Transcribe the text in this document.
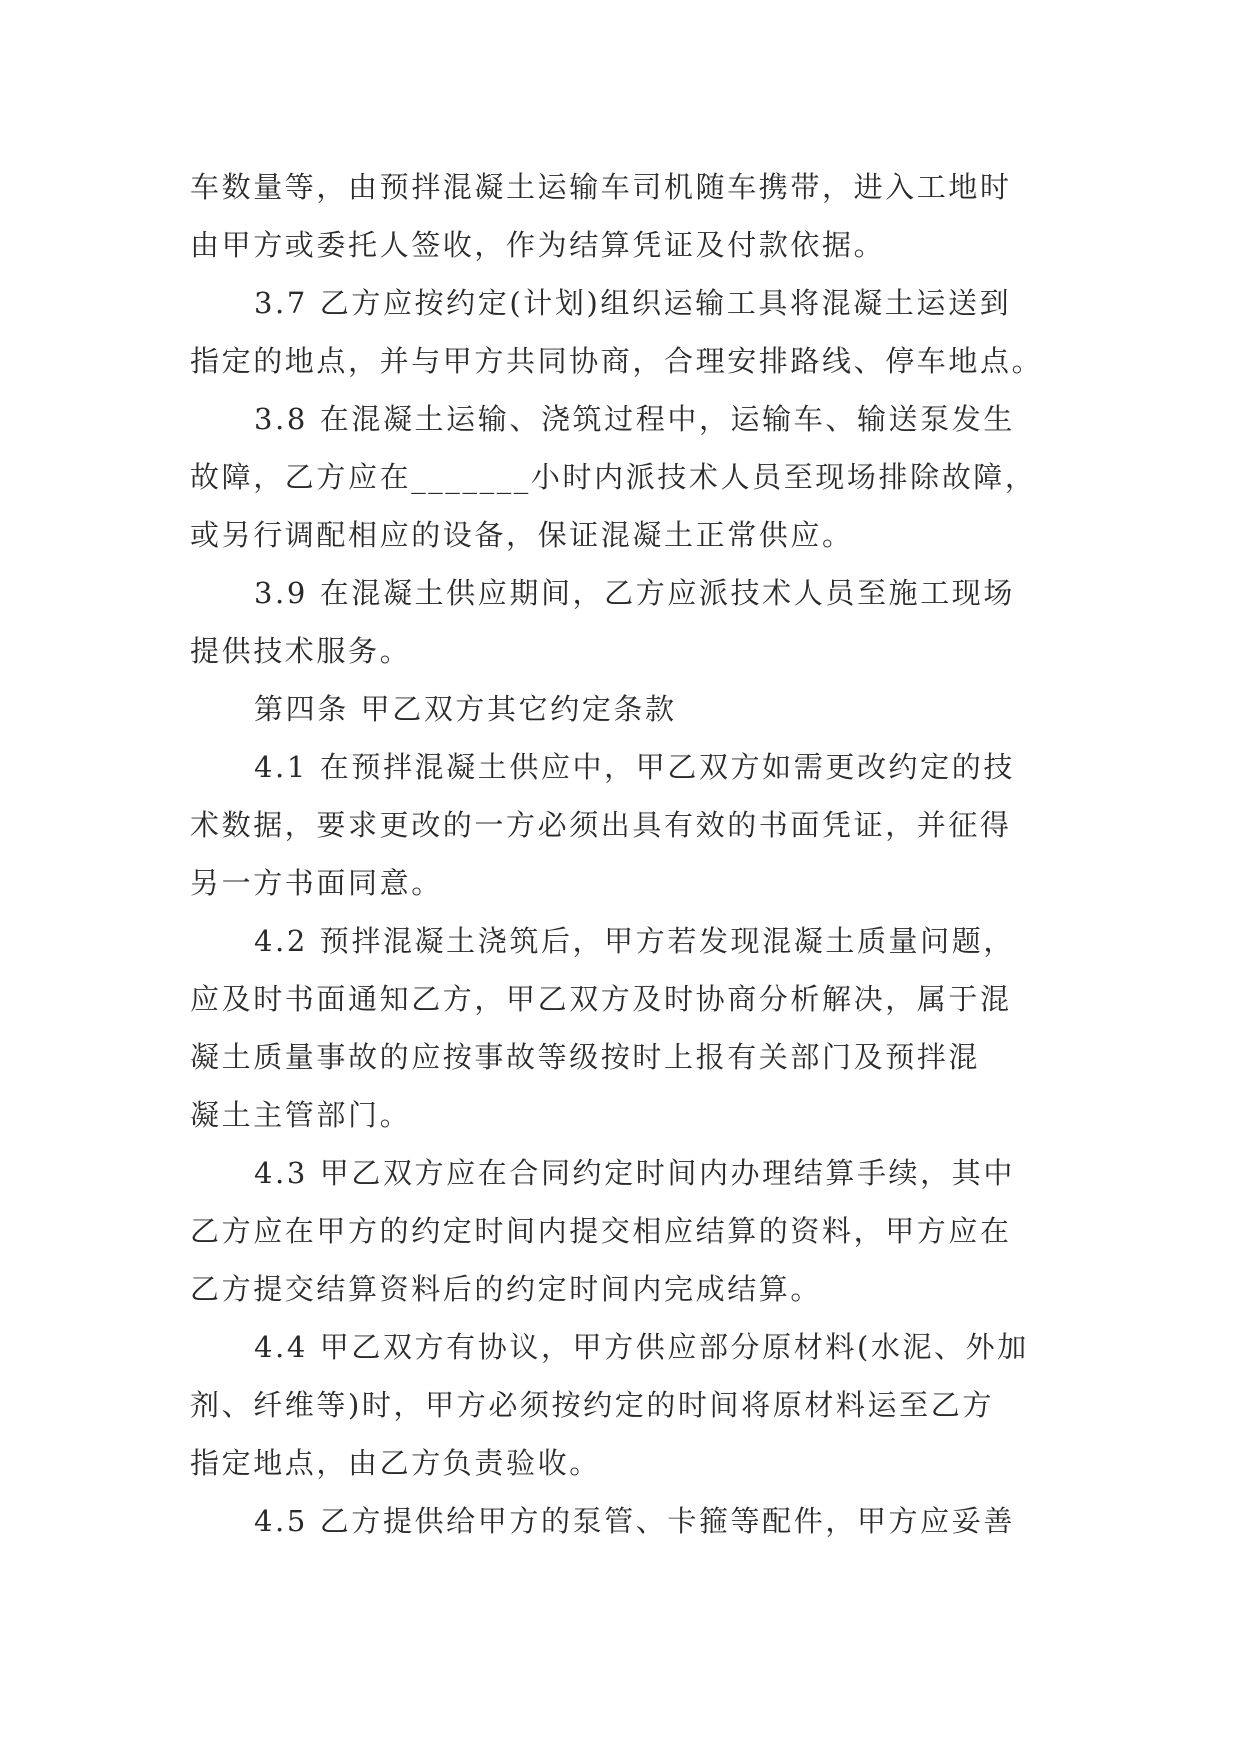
车数量等，由预拌混凝土运输车司机随车携带，进入工地时
由甲方或委托人签收，作为结算凭证及付款依据。
3.7 乙方应按约定(计划)组织运输工具将混凝土运送到
指定的地点，并与甲方共同协商，合理安排路线、停车地点。
3.8 在混凝土运输、浇筑过程中，运输车、输送泵发生
故障，乙方应在_______小时内派技术人员至现场排除故障，
或另行调配相应的设备，保证混凝土正常供应。
3.9 在混凝土供应期间，乙方应派技术人员至施工现场
提供技术服务。
第四条 甲乙双方其它约定条款
4.1 在预拌混凝土供应中，甲乙双方如需更改约定的技
术数据，要求更改的一方必须出具有效的书面凭证，并征得
另一方书面同意。
4.2 预拌混凝土浇筑后，甲方若发现混凝土质量问题，
应及时书面通知乙方，甲乙双方及时协商分析解决，属于混
凝土质量事故的应按事故等级按时上报有关部门及预拌混
凝土主管部门。
4.3 甲乙双方应在合同约定时间内办理结算手续，其中
乙方应在甲方的约定时间内提交相应结算的资料，甲方应在
乙方提交结算资料后的约定时间内完成结算。
4.4 甲乙双方有协议，甲方供应部分原材料(水泥、外加
剂、纤维等)时，甲方必须按约定的时间将原材料运至乙方
指定地点，由乙方负责验收。
4.5 乙方提供给甲方的泵管、卡箍等配件，甲方应妥善
